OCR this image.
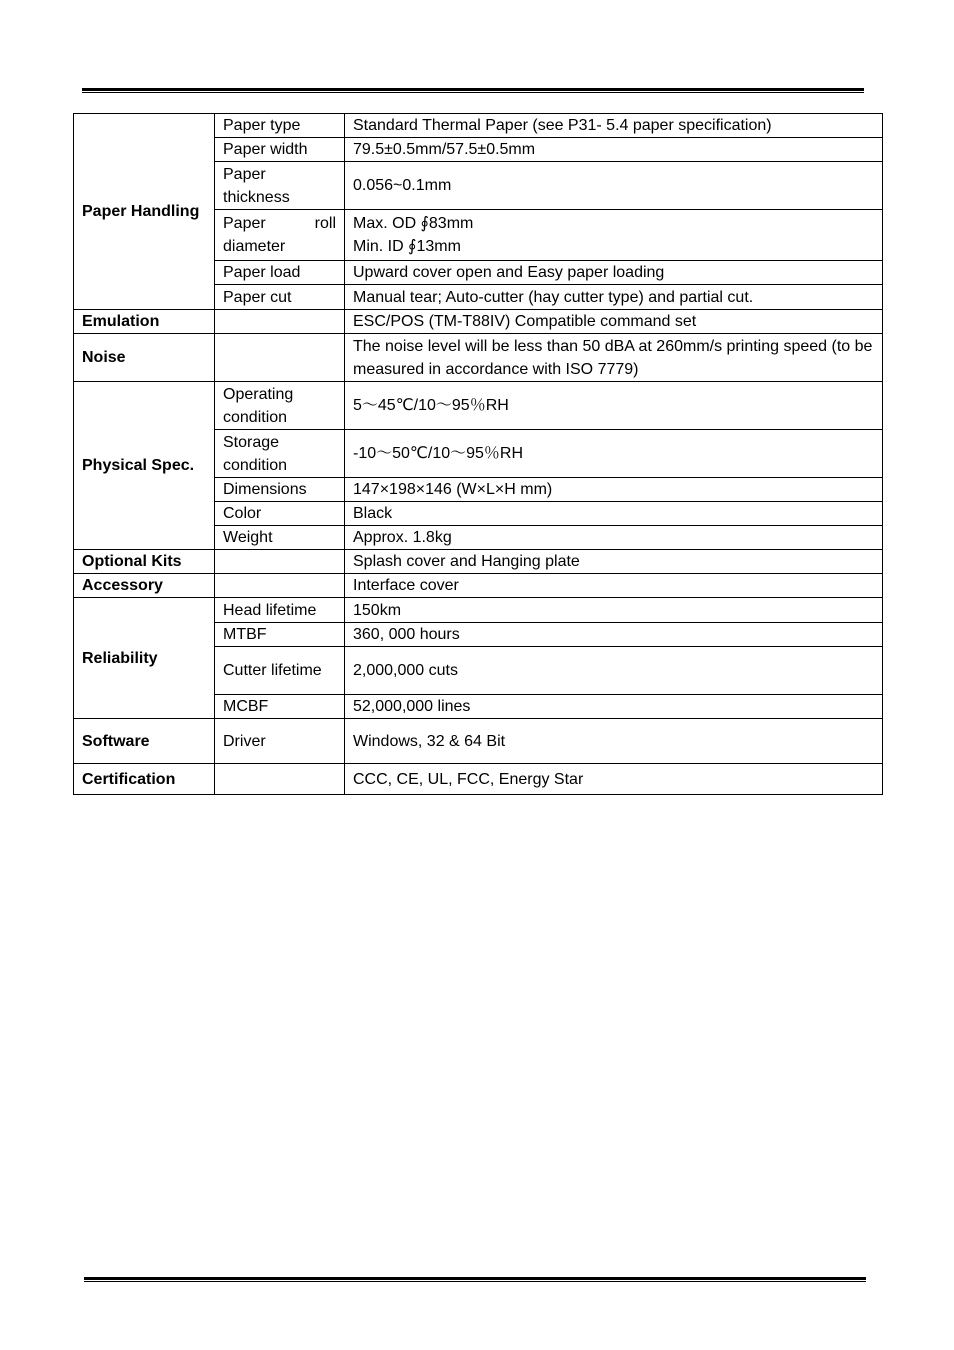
Paper Handling	Paper type	Standard Thermal Paper (see P31- 5.4 paper specification)
	Paper width	79.5±0.5mm/57.5±0.5mm
	Paper thickness	0.056~0.1mm
	Paper roll diameter	Max. OD ∮83mm
Min. ID ∮13mm

	Paper load	Upward cover open and Easy paper loading
	Paper cut	Manual tear; Auto-cutter (hay cutter type) and partial cut.
Emulation		ESC/POS (TM-T88IV) Compatible command set
Noise		The noise level will be less than 50 dBA at 260mm/s printing speed (to be measured in accordance with ISO 7779)
Physical Spec.	Operating condition	5～45℃/10～95％RH
	Storage condition	-10～50℃/10～95％RH
	Dimensions	147×198×146 (W×L×H mm)
	Color	Black
	Weight	Approx. 1.8kg
Optional Kits		Splash cover and Hanging plate
Accessory		Interface cover
Reliability	Head lifetime	150km
	MTBF	360, 000 hours
	Cutter lifetime	2,000,000 cuts
	MCBF	52,000,000 lines
Software	Driver	Windows, 32 & 64 Bit
Certification		CCC, CE, UL, FCC, Energy Star
